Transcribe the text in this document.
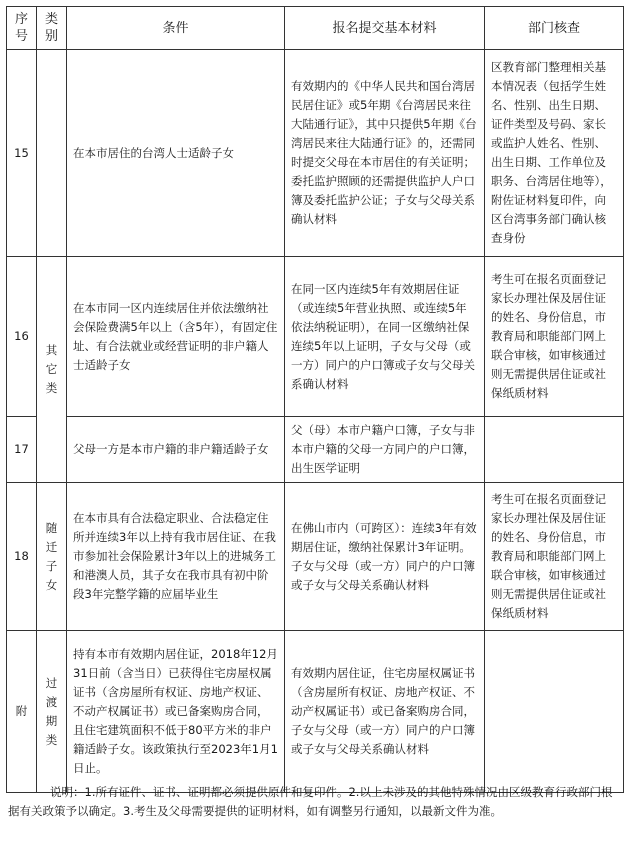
序
号	类
别	条件	报名提交基本材料	部门核查
15		在本市居住的台湾人士适龄子女	有效期内的《中华人民共和国台湾居民居住证》或5年期《台湾居民来往大陆通行证》，其中只提供5年期《台湾居民来往大陆通行证》的，还需同时提交父母在本市居住的有关证明；委托监护照顾的还需提供监护人户口簿及委托监护公证；子女与父母关系确认材料	区教育部门整理相关基本情况表（包括学生姓名、性别、出生日期、证件类型及号码、家长或监护人姓名、性别、出生日期、工作单位及职务、台湾居住地等），附佐证材料复印件，向区台湾事务部门确认核查身份
16	其
它
类	在本市同一区内连续居住并依法缴纳社会保险费满5年以上（含5年），有固定住址、有合法就业或经营证明的非户籍人士适龄子女	在同一区内连续5年有效期居住证（或连续5年营业执照、或连续5年依法纳税证明），在同一区缴纳社保连续5年以上证明，子女与父母（或一方）同户的户口簿或子女与父母关系确认材料	考生可在报名页面登记家长办理社保及居住证的姓名、身份信息，市教育局和职能部门网上联合审核，如审核通过则无需提供居住证或社保纸质材料
17		父母一方是本市户籍的非户籍适龄子女	父（母）本市户籍户口簿，子女与非本市户籍的父母一方同户的户口簿，出生医学证明	
18	随
迁
子
女	在本市具有合法稳定职业、合法稳定住所并连续3年以上持有我市居住证、在我市参加社会保险累计3年以上的进城务工和港澳人员，其子女在我市具有初中阶段3年完整学籍的应届毕业生	在佛山市内（可跨区）：连续3年有效期居住证，缴纳社保累计3年证明。子女与父母（或一方）同户的户口簿或子女与父母关系确认材料	考生可在报名页面登记家长办理社保及居住证的姓名、身份信息，市教育局和职能部门网上联合审核，如审核通过则无需提供居住证或社保纸质材料
附	过
渡
期
类	持有本市有效期内居住证，2018年12月31日前（含当日）已获得住宅房屋权属证书（含房屋所有权证、房地产权证、不动产权属证书）或已备案购房合同，且住宅建筑面积不低于80平方米的非户籍适龄子女。该政策执行至2023年1月1日止。	有效期内居住证，住宅房屋权属证书（含房屋所有权证、房地产权证、不动产权属证书）或已备案购房合同，子女与父母（或一方）同户的户口簿或子女与父母关系确认材料	
说明：1.所有证件、证书、证明都必须提供原件和复印件。2.以上未涉及的其他特殊情况由区级教育行政部门根据有关政策予以确定。3.考生及父母需要提供的证明材料，如有调整另行通知，以最新文件为准。
